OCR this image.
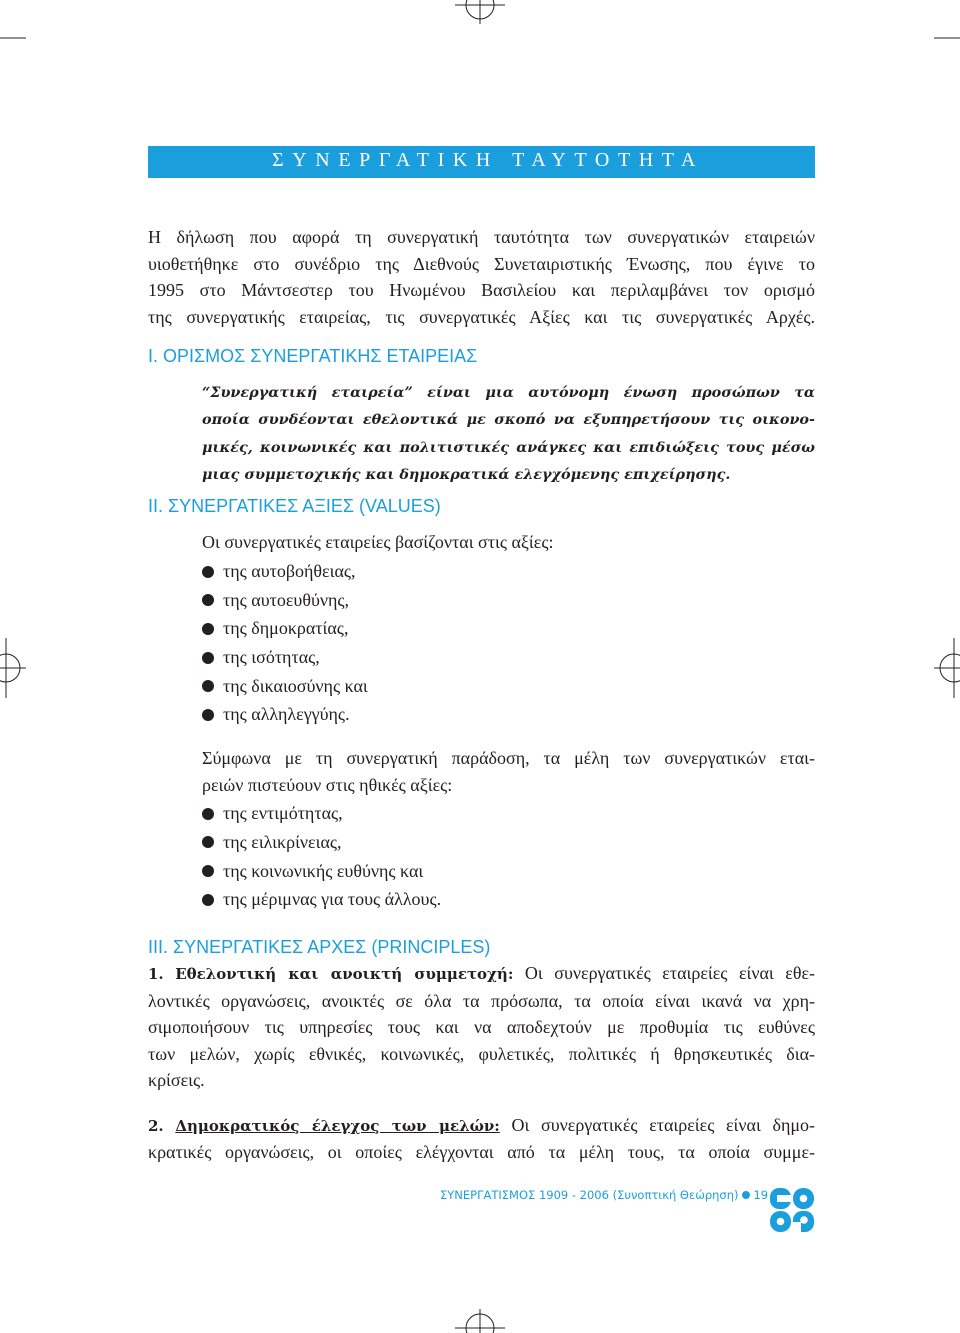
ΣΥΝΕΡΓΑΤΙΚΗ ΤΑΥΤΟΤΗΤΑ
Η δήλωση που αφορά τη συνεργατική ταυτότητα των συνεργατικών εταιρειών
υιοθετήθηκε στο συνέδριο της Διεθνούς Συνεταιριστικής Ένωσης, που έγινε το
1995 στο Μάντσεστερ του Ηνωμένου Βασιλείου και περιλαμβάνει τον ορισμό
της συνεργατικής εταιρείας, τις συνεργατικές Αξίες και τις συνεργατικές Αρχές.
I. ΟΡΙΣΜΟΣ ΣΥΝΕΡΓΑΤΙΚΗΣ ΕΤΑΙΡΕΙΑΣ
“Συνεργατική εταιρεία” είναι μια αυτόνομη ένωση προσώπων τα
οποία συνδέονται εθελοντικά με σκοπό να εξυπηρετήσουν τις οικονο-
μικές, κοινωνικές και πολιτιστικές ανάγκες και επιδιώξεις τους μέσω
μιας συμμετοχικής και δημοκρατικά ελεγχόμενης επιχείρησης.
II. ΣΥΝΕΡΓΑΤΙΚΕΣ ΑΞΙΕΣ (VALUES)
Οι συνεργατικές εταιρείες βασίζονται στις αξίες:
της αυτοβοήθειας,
της αυτοευθύνης,
της δημοκρατίας,
της ισότητας,
της δικαιοσύνης και
της αλληλεγγύης.
Σύμφωνα με τη συνεργατική παράδοση, τα μέλη των συνεργατικών εται-
ρειών πιστεύουν στις ηθικές αξίες:
της εντιμότητας,
της ειλικρίνειας,
της κοινωνικής ευθύνης και
της μέριμνας για τους άλλους.
III. ΣΥΝΕΡΓΑΤΙΚΕΣ ΑΡΧΕΣ (PRINCIPLES)
1. Εθελοντική και ανοικτή συμμετοχή: Οι συνεργατικές εταιρείες είναι εθε-
λοντικές οργανώσεις, ανοικτές σε όλα τα πρόσωπα, τα οποία είναι ικανά να χρη-
σιμοποιήσουν τις υπηρεσίες τους και να αποδεχτούν με προθυμία τις ευθύνες
των μελών, χωρίς εθνικές, κοινωνικές, φυλετικές, πολιτικές ή θρησκευτικές δια-
κρίσεις.
2. Δημοκρατικός έλεγχος των μελών: Οι συνεργατικές εταιρείες είναι δημο-
κρατικές οργανώσεις, οι οποίες ελέγχονται από τα μέλη τους, τα οποία συμμε-
ΣΥΝΕΡΓΑΤΙΣΜΟΣ 1909 - 2006 (Συνοπτική Θεώρηση) 19
